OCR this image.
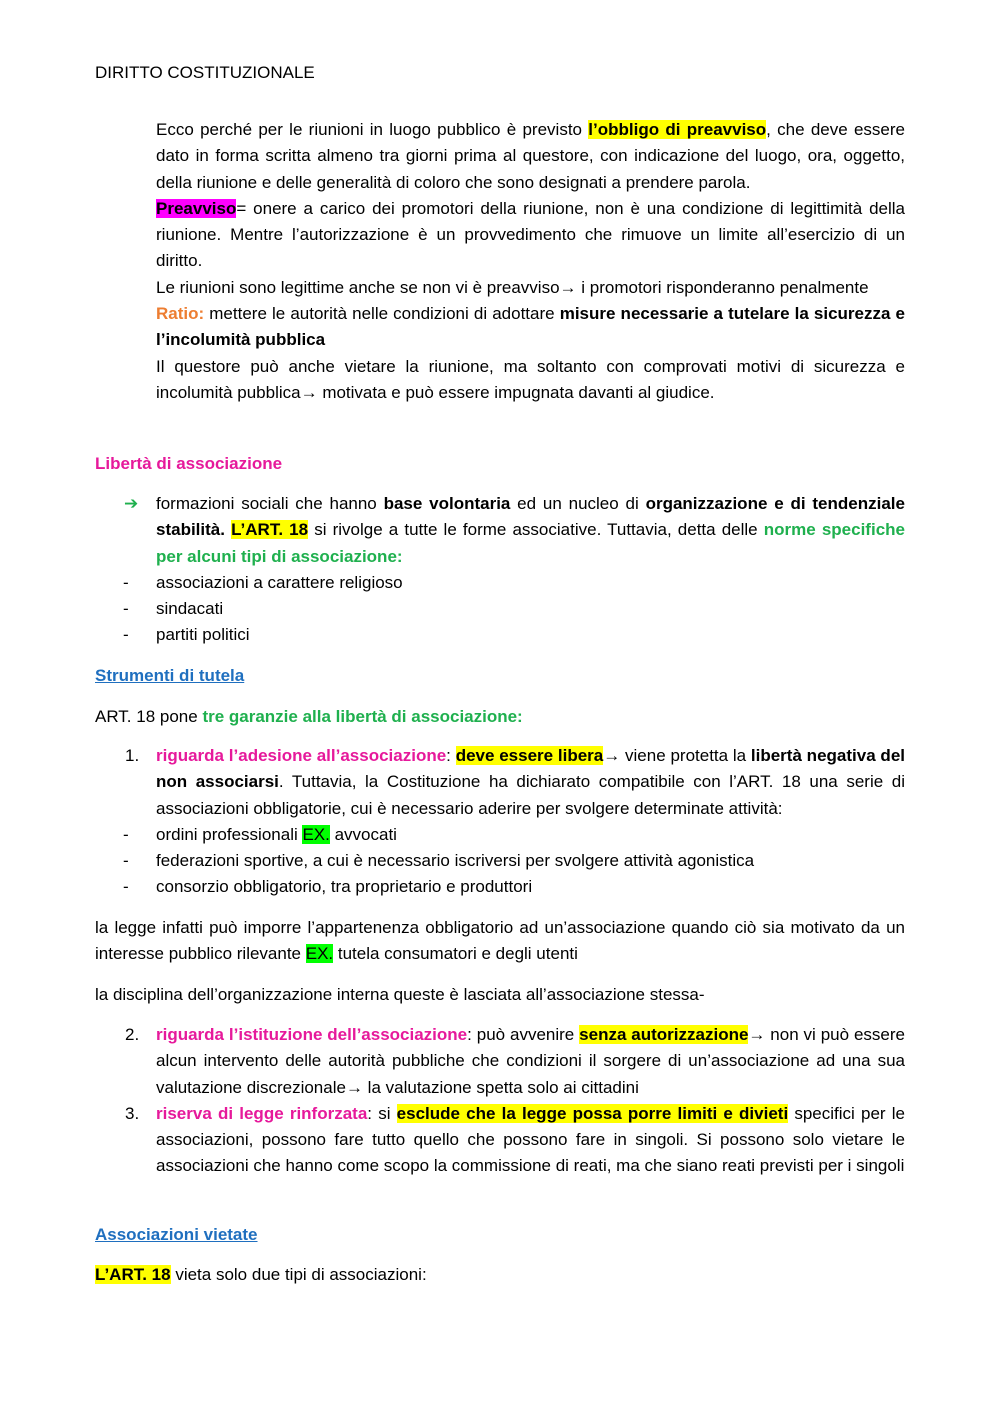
DIRITTO COSTITUZIONALE

Ecco perché per le riunioni in luogo pubblico è previsto l’obbligo di preavviso, che deve essere dato in forma scritta almeno tra giorni prima al questore, con indicazione del luogo, ora, oggetto, della riunione e delle generalità di coloro che sono designati a prendere parola.

Preavviso= onere a carico dei promotori della riunione, non è una condizione di legittimità della riunione. Mentre l’autorizzazione è un provvedimento che rimuove un limite all’esercizio di un diritto.

Le riunioni sono legittime anche se non vi è preavviso→ i promotori risponderanno penalmente

Ratio: mettere le autorità nelle condizioni di adottare misure necessarie a tutelare la sicurezza e l’incolumità pubblica

Il questore può anche vietare la riunione, ma soltanto con comprovati motivi di sicurezza e incolumità pubblica→ motivata e può essere impugnata davanti al giudice.

Libertà di associazione
➔ formazioni sociali che hanno base volontaria ed un nucleo di organizzazione e di tendenziale stabilità. L’ART. 18 si rivolge a tutte le forme associative. Tuttavia, detta delle norme specifiche per alcuni tipi di associazione:
- associazioni a carattere religioso
- sindacati
- partiti politici
Strumenti di tutela
ART. 18 pone tre garanzie alla libertà di associazione:
1. riguarda l’adesione all’associazione: deve essere libera→ viene protetta la libertà negativa del non associarsi. Tuttavia, la Costituzione ha dichiarato compatibile con l’ART. 18 una serie di associazioni obbligatorie, cui è necessario aderire per svolgere determinate attività:
- ordini professionali EX. avvocati
- federazioni sportive, a cui è necessario iscriversi per svolgere attività agonistica
- consorzio obbligatorio, tra proprietario e produttori

la legge infatti può imporre l’appartenenza obbligatorio ad un’associazione quando ciò sia motivato da un interesse pubblico rilevante EX. tutela consumatori e degli utenti

la disciplina dell’organizzazione interna queste è lasciata all’associazione stessa-
2. riguarda l’istituzione dell’associazione: può avvenire senza autorizzazione→ non vi può essere alcun intervento delle autorità pubbliche che condizioni il sorgere di un’associazione ad una sua valutazione discrezionale→ la valutazione spetta solo ai cittadini
3. riserva di legge rinforzata: si esclude che la legge possa porre limiti e divieti specifici per le associazioni, possono fare tutto quello che possono fare in singoli. Si possono solo vietare le associazioni che hanno come scopo la commissione di reati, ma che siano reati previsti per i singoli
Associazioni vietate
L’ART. 18 vieta solo due tipi di associazioni:
